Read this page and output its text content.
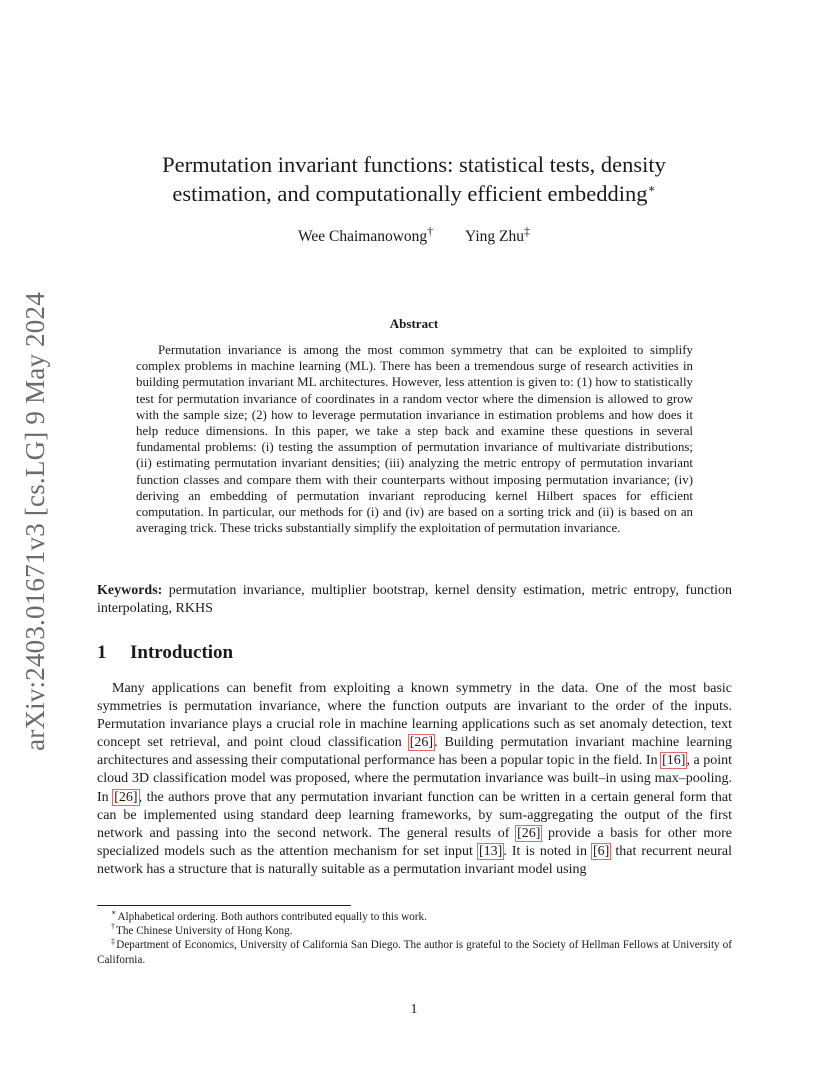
arXiv:2403.01671v3 [cs.LG] 9 May 2024
Permutation invariant functions: statistical tests, density
estimation, and computationally efficient embedding∗
Wee Chaimanowong† Ying Zhu‡
Abstract

Permutation invariance is among the most common symmetry that can be exploited to simplify complex problems in machine learning (ML). There has been a tremendous surge of research activities in building permutation invariant ML architectures. However, less attention is given to: (1) how to statistically test for permutation invariance of coordinates in a random vector where the dimension is allowed to grow with the sample size; (2) how to leverage permutation invariance in estimation problems and how does it help reduce dimensions. In this paper, we take a step back and examine these questions in several fundamental problems: (i) testing the assumption of permutation invariance of multivariate distributions; (ii) estimating permutation invariant densities; (iii) analyzing the metric entropy of permutation invariant function classes and compare them with their counterparts without imposing permutation invariance; (iv) deriving an embedding of permutation invariant reproducing kernel Hilbert spaces for efficient computation. In particular, our methods for (i) and (iv) are based on a sorting trick and (ii) is based on an averaging trick. These tricks substantially simplify the exploitation of permutation invariance.

Keywords: permutation invariance, multiplier bootstrap, kernel density estimation, metric entropy, function interpolating, RKHS

1 Introduction

Many applications can benefit from exploiting a known symmetry in the data. One of the most basic symmetries is permutation invariance, where the function outputs are invariant to the order of the inputs. Permutation invariance plays a crucial role in machine learning applications such as set anomaly detection, text concept set retrieval, and point cloud classification [26]. Building permutation invariant machine learning architectures and assessing their computational performance has been a popular topic in the field. In [16], a point cloud 3D classification model was proposed, where the permutation invariance was built–in using max–pooling. In [26], the authors prove that any permutation invariant function can be written in a certain general form that can be implemented using standard deep learning frameworks, by sum-aggregating the output of the first network and passing into the second network. The general results of [26] provide a basis for other more specialized models such as the attention mechanism for set input [13]. It is noted in [6] that recurrent neural network has a structure that is naturally suitable as a permutation invariant model using

∗Alphabetical ordering. Both authors contributed equally to this work.

†The Chinese University of Hong Kong.

‡Department of Economics, University of California San Diego. The author is grateful to the Society of Hellman Fellows at University of California.

1
